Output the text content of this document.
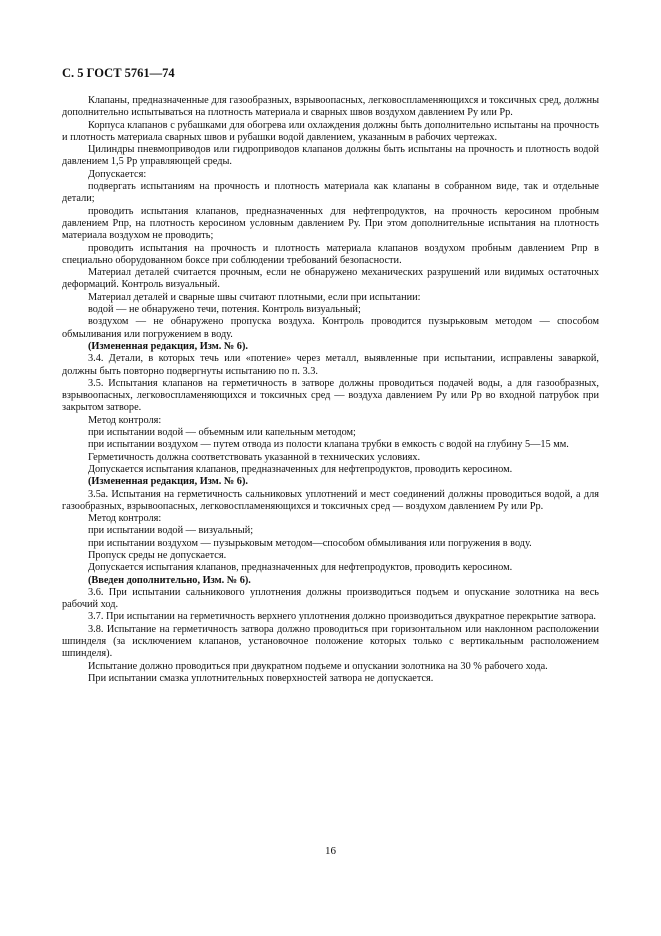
С. 5 ГОСТ 5761—74

Клапаны, предназначенные для газообразных, взрывоопасных, легковоспламеняющихся и токсичных сред, должны дополнительно испытываться на плотность материала и сварных швов воздухом давлением Pу или Pр.

Корпуса клапанов с рубашками для обогрева или охлаждения должны быть дополнительно испытаны на прочность и плотность материала сварных швов и рубашки водой давлением, указанным в рабочих чертежах.

Цилиндры пневмоприводов или гидроприводов клапанов должны быть испытаны на прочность и плотность водой давлением 1,5 Pр управляющей среды.

Допускается:

подвергать испытаниям на прочность и плотность материала как клапаны в собранном виде, так и отдельные детали;

проводить испытания клапанов, предназначенных для нефтепродуктов, на прочность керосином пробным давлением Pпр, на плотность керосином условным давлением Pу. При этом дополнительные испытания на плотность материала воздухом не проводить;

проводить испытания на прочность и плотность материала клапанов воздухом пробным давлением Pпр в специально оборудованном боксе при соблюдении требований безопасности.

Материал деталей считается прочным, если не обнаружено механических разрушений или видимых остаточных деформаций. Контроль визуальный.

Материал деталей и сварные швы считают плотными, если при испытании:

водой — не обнаружено течи, потения. Контроль визуальный;

воздухом — не обнаружено пропуска воздуха. Контроль проводится пузырьковым методом — способом обмыливания или погружением в воду.

(Измененная редакция, Изм. № 6).

3.4. Детали, в которых течь или «потение» через металл, выявленные при испытании, исправлены заваркой, должны быть повторно подвергнуты испытанию по п. 3.3.

3.5. Испытания клапанов на герметичность в затворе должны проводиться подачей воды, а для газообразных, взрывоопасных, легковоспламеняющихся и токсичных сред — воздуха давлением Pу или Pр во входной патрубок при закрытом затворе.

Метод контроля:

при испытании водой — объемным или капельным методом;

при испытании воздухом — путем отвода из полости клапана трубки в емкость с водой на глубину 5—15 мм.

Герметичность должна соответствовать указанной в технических условиях.

Допускается испытания клапанов, предназначенных для нефтепродуктов, проводить керосином.

(Измененная редакция, Изм. № 6).

3.5а. Испытания на герметичность сальниковых уплотнений и мест соединений должны проводиться водой, а для газообразных, взрывоопасных, легковоспламеняющихся и токсичных сред — воздухом давлением Pу или Pр.

Метод контроля:

при испытании водой — визуальный;

при испытании воздухом — пузырьковым методом—способом обмыливания или погружения в воду.

Пропуск среды не допускается.

Допускается испытания клапанов, предназначенных для нефтепродуктов, проводить керосином.

(Введен дополнительно, Изм. № 6).

3.6. При испытании сальникового уплотнения должны производиться подъем и опускание золотника на весь рабочий ход.

3.7. При испытании на герметичность верхнего уплотнения должно производиться двукратное перекрытие затвора.

3.8. Испытание на герметичность затвора должно проводиться при горизонтальном или наклонном расположении шпинделя (за исключением клапанов, установочное положение которых только с вертикальным расположением шпинделя).

Испытание должно проводиться при двукратном подъеме и опускании золотника на 30 % рабочего хода.

При испытании смазка уплотнительных поверхностей затвора не допускается.

16
